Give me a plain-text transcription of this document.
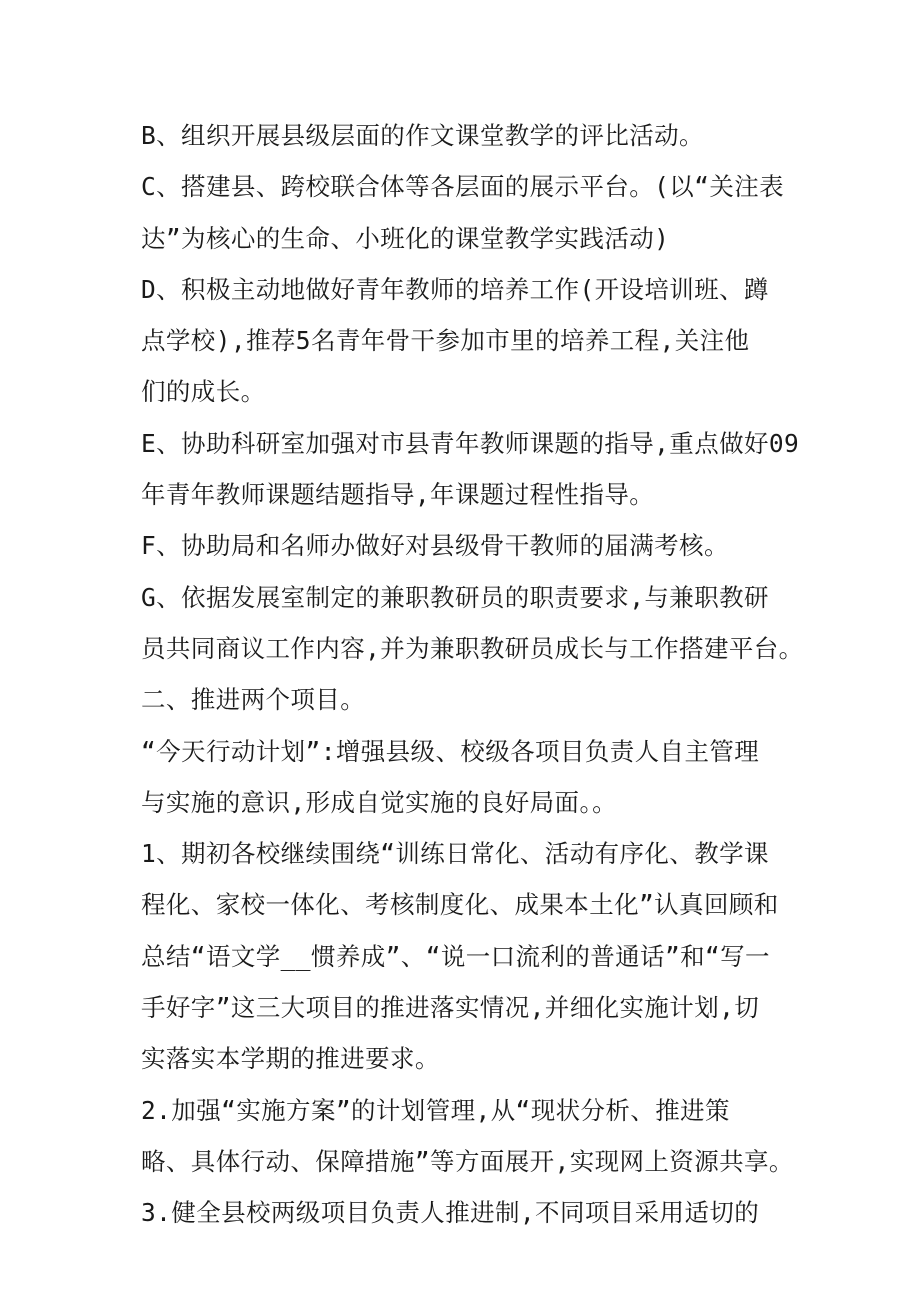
B、组织开展县级层面的作文课堂教学的评比活动。
C、搭建县、跨校联合体等各层面的展示平台。(以“关注表
达”为核心的生命、小班化的课堂教学实践活动)
D、积极主动地做好青年教师的培养工作(开设培训班、蹲
点学校),推荐5名青年骨干参加市里的培养工程,关注他
们的成长。
E、协助科研室加强对市县青年教师课题的指导,重点做好09
年青年教师课题结题指导,年课题过程性指导。
F、协助局和名师办做好对县级骨干教师的届满考核。
G、依据发展室制定的兼职教研员的职责要求,与兼职教研
员共同商议工作内容,并为兼职教研员成长与工作搭建平台。
二、推进两个项目。
“今天行动计划”:增强县级、校级各项目负责人自主管理
与实施的意识,形成自觉实施的良好局面。。
1、期初各校继续围绕“训练日常化、活动有序化、教学课
程化、家校一体化、考核制度化、成果本土化”认真回顾和
总结“语文学__惯养成”、“说一口流利的普通话”和“写一
手好字”这三大项目的推进落实情况,并细化实施计划,切
实落实本学期的推进要求。
2.加强“实施方案”的计划管理,从“现状分析、推进策
略、具体行动、保障措施”等方面展开,实现网上资源共享。
3.健全县校两级项目负责人推进制,不同项目采用适切的
